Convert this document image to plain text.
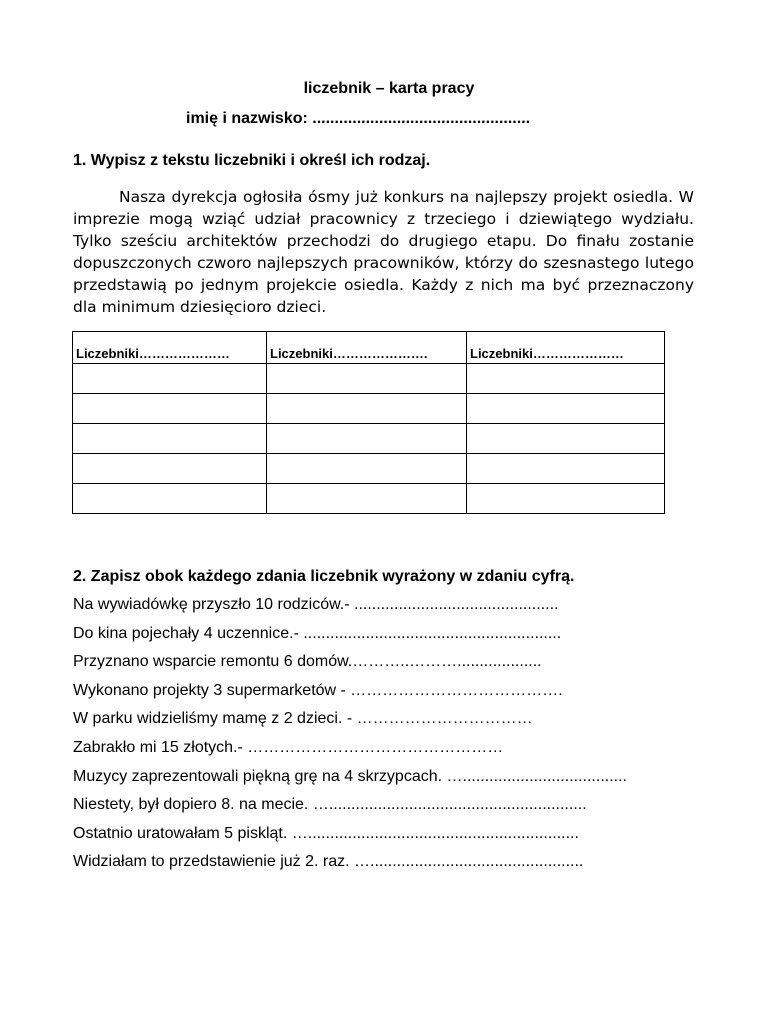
liczebnik – karta pracy
imię i nazwisko: .................................................
1. Wypisz z tekstu liczebniki i określ ich rodzaj.
Nasza dyrekcja ogłosiła ósmy już konkurs na najlepszy projekt osiedla. W imprezie mogą wziąć udział pracownicy z trzeciego i dziewiątego wydziału. Tylko sześciu architektów przechodzi do drugiego etapu. Do finału zostanie dopuszczonych czworo najlepszych pracowników, którzy do szesnastego lutego przedstawią po jednym projekcie osiedla. Każdy z nich ma być przeznaczony dla minimum dziesięcioro dzieci.
Liczebniki…………………	Liczebniki………………….	Liczebniki…………………

2. Zapisz obok każdego zdania liczebnik wyrażony w zdaniu cyfrą.
Na wywiadówkę przyszło 10 rodziców.- ..............................................
Do kina pojechały 4 uczennice.- ..........................................................
Przyznano wsparcie remontu 6 domów.………..………...................
Wykonano projekty 3 supermarketów - ………………………………….
W parku widzieliśmy mamę z 2 dzieci. - ……………………………
Zabrakło mi 15 złotych.- …………………………………………
Muzycy zaprezentowali piękną grę na 4 skrzypcach. ….....................................
Niestety, był dopiero 8. na mecie. …..........................................................
Ostatnio uratowałam 5 piskląt. ….............................................................
Widziałam to przedstawienie już 2. raz. …................................................
